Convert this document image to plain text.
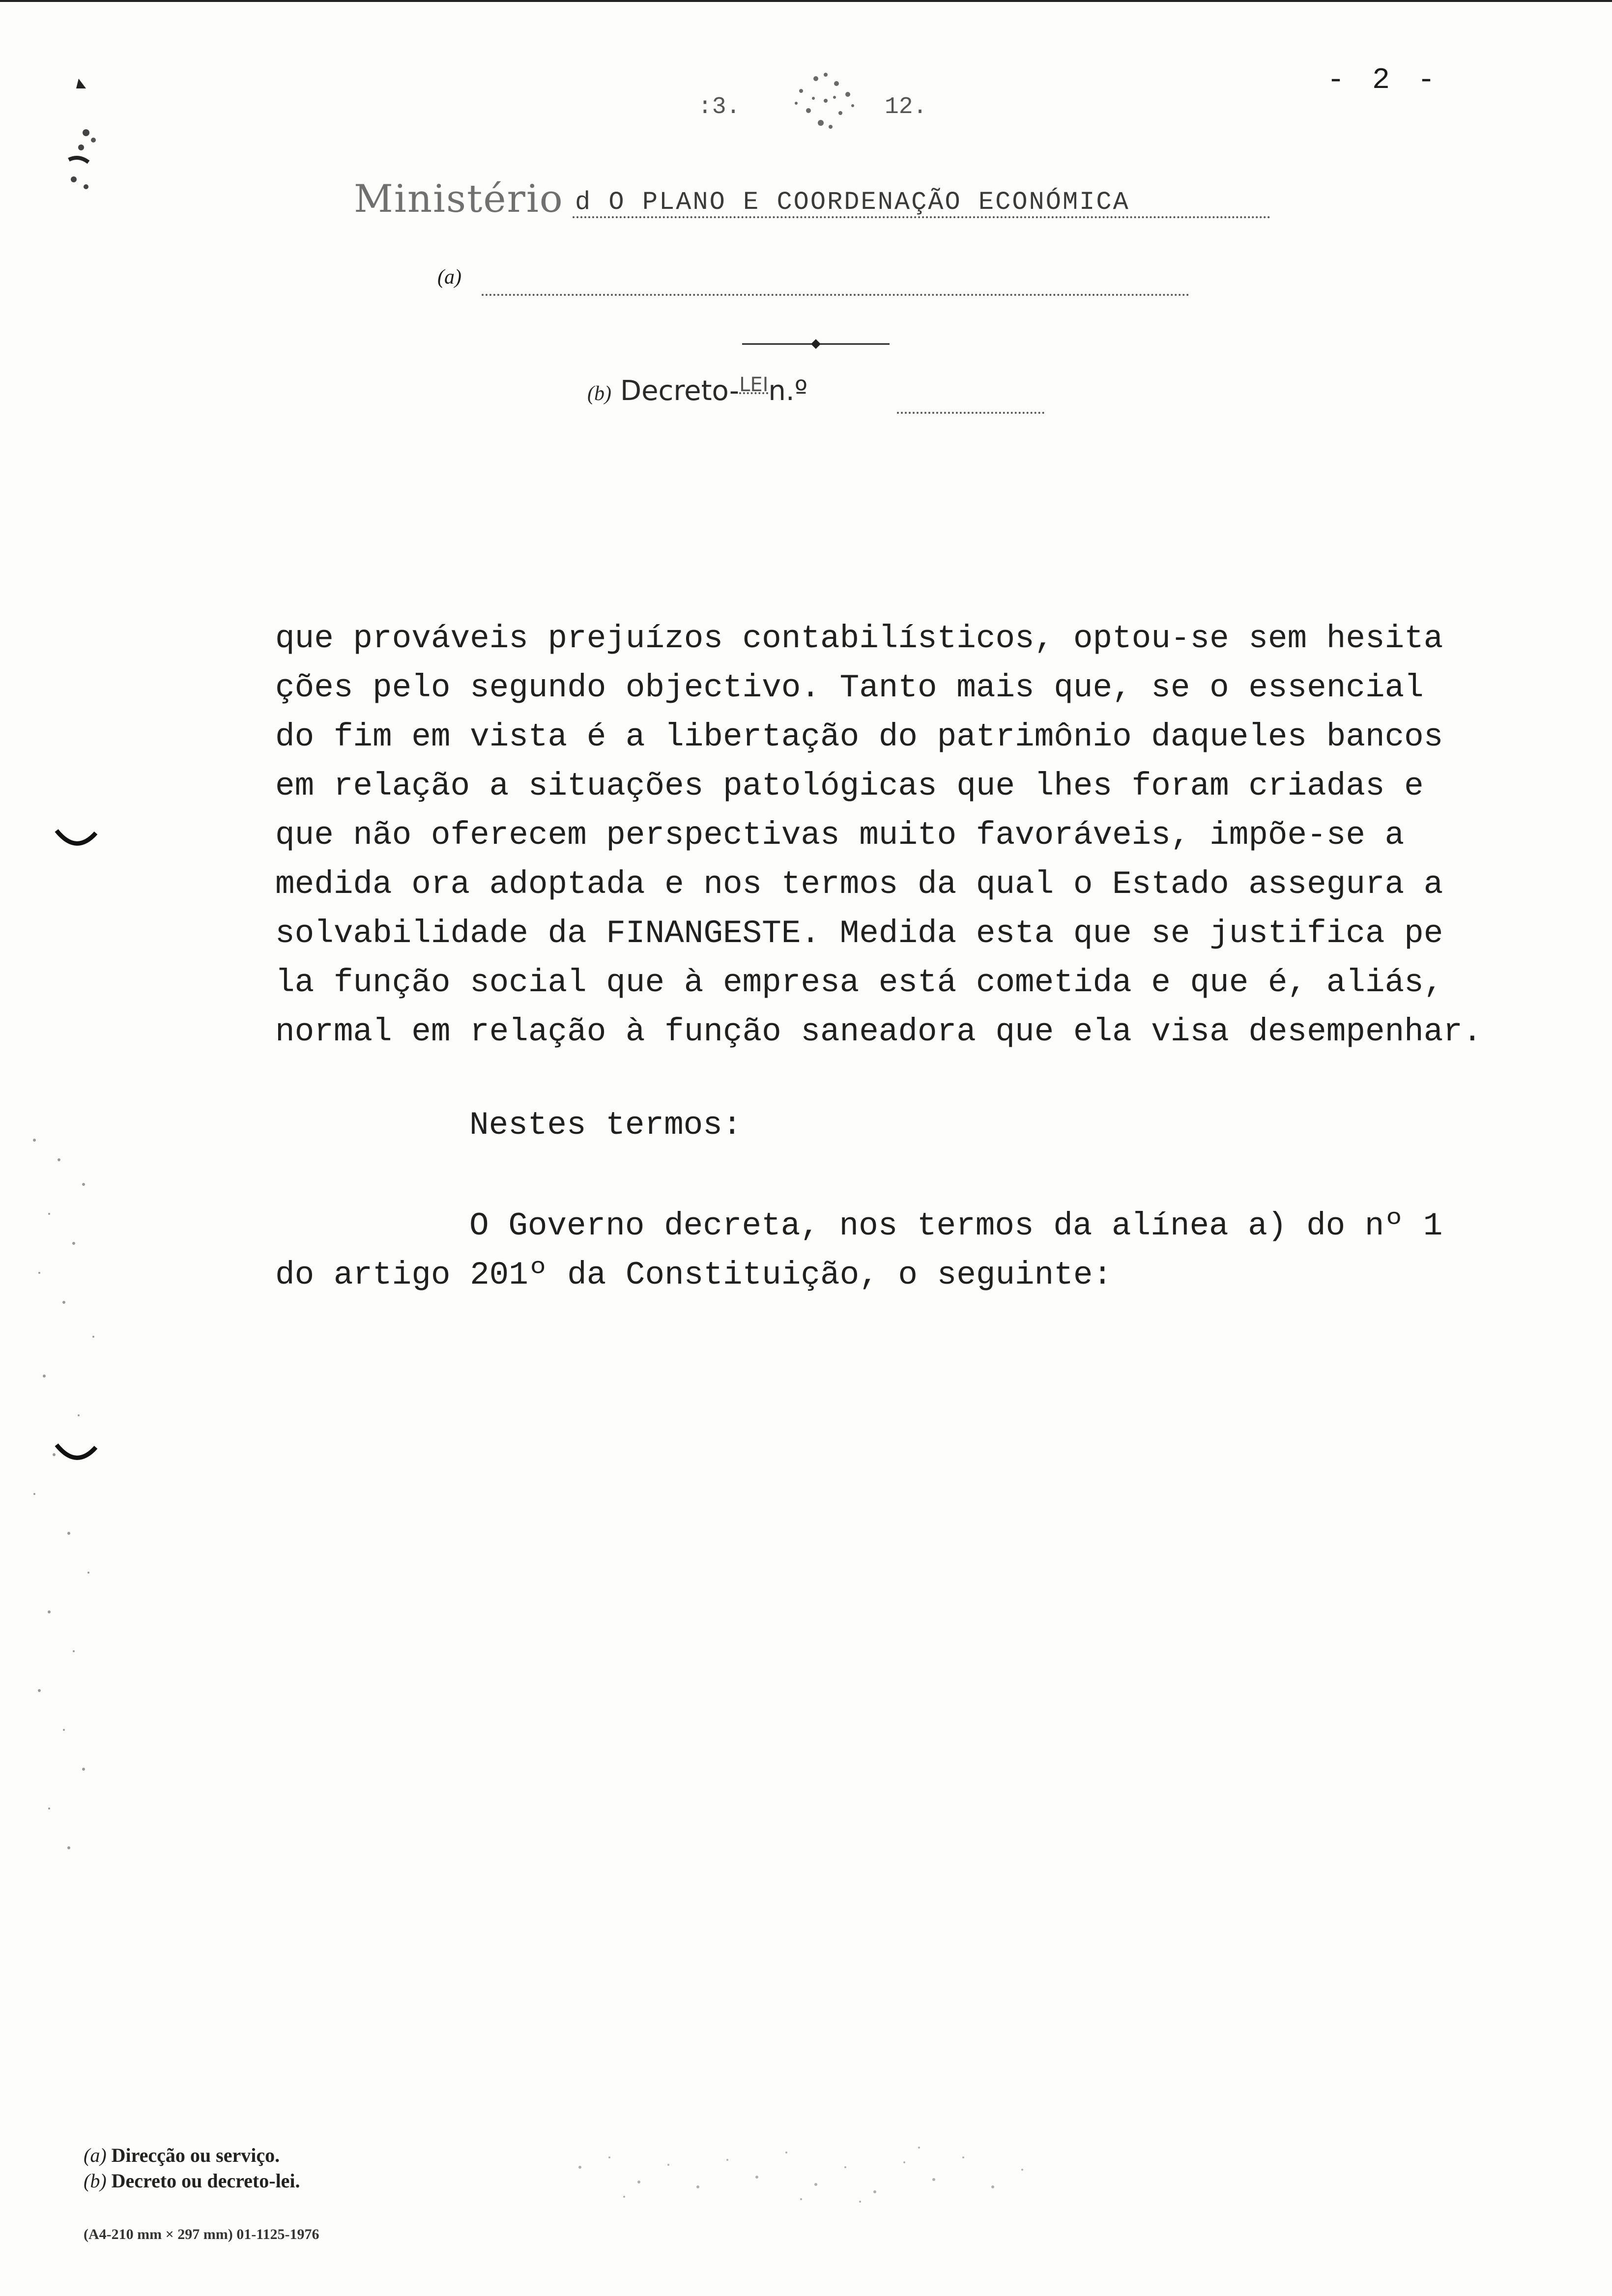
:3.	12.
- 2 -
Ministério d O PLANO E COORDENAÇÃO ECONÓMICA
(a)
(b) Decreto-$^{LEI}$n.º
que prováveis prejuízos contabilísticos, optou-se sem hesita
ções pelo segundo objectivo. Tanto mais que, se o essencial
do fim em vista é a libertação do patrimônio daqueles bancos
em relação a situações patológicas que lhes foram criadas e
que não oferecem perspectivas muito favoráveis, impõe-se a
medida ora adoptada e nos termos da qual o Estado assegura a
solvabilidade da FINANGESTE. Medida esta que se justifica pe
la função social que à empresa está cometida e que é, aliás,
normal em relação à função saneadora que ela visa desempenhar.
Nestes termos:
O Governo decreta, nos termos da alínea a) do nº 1
do artigo 201º da Constituição, o seguinte:
(a) Direcção ou serviço.
(b) Decreto ou decreto-lei.
(A4-210 mm × 297 mm) 01-1125-1976
